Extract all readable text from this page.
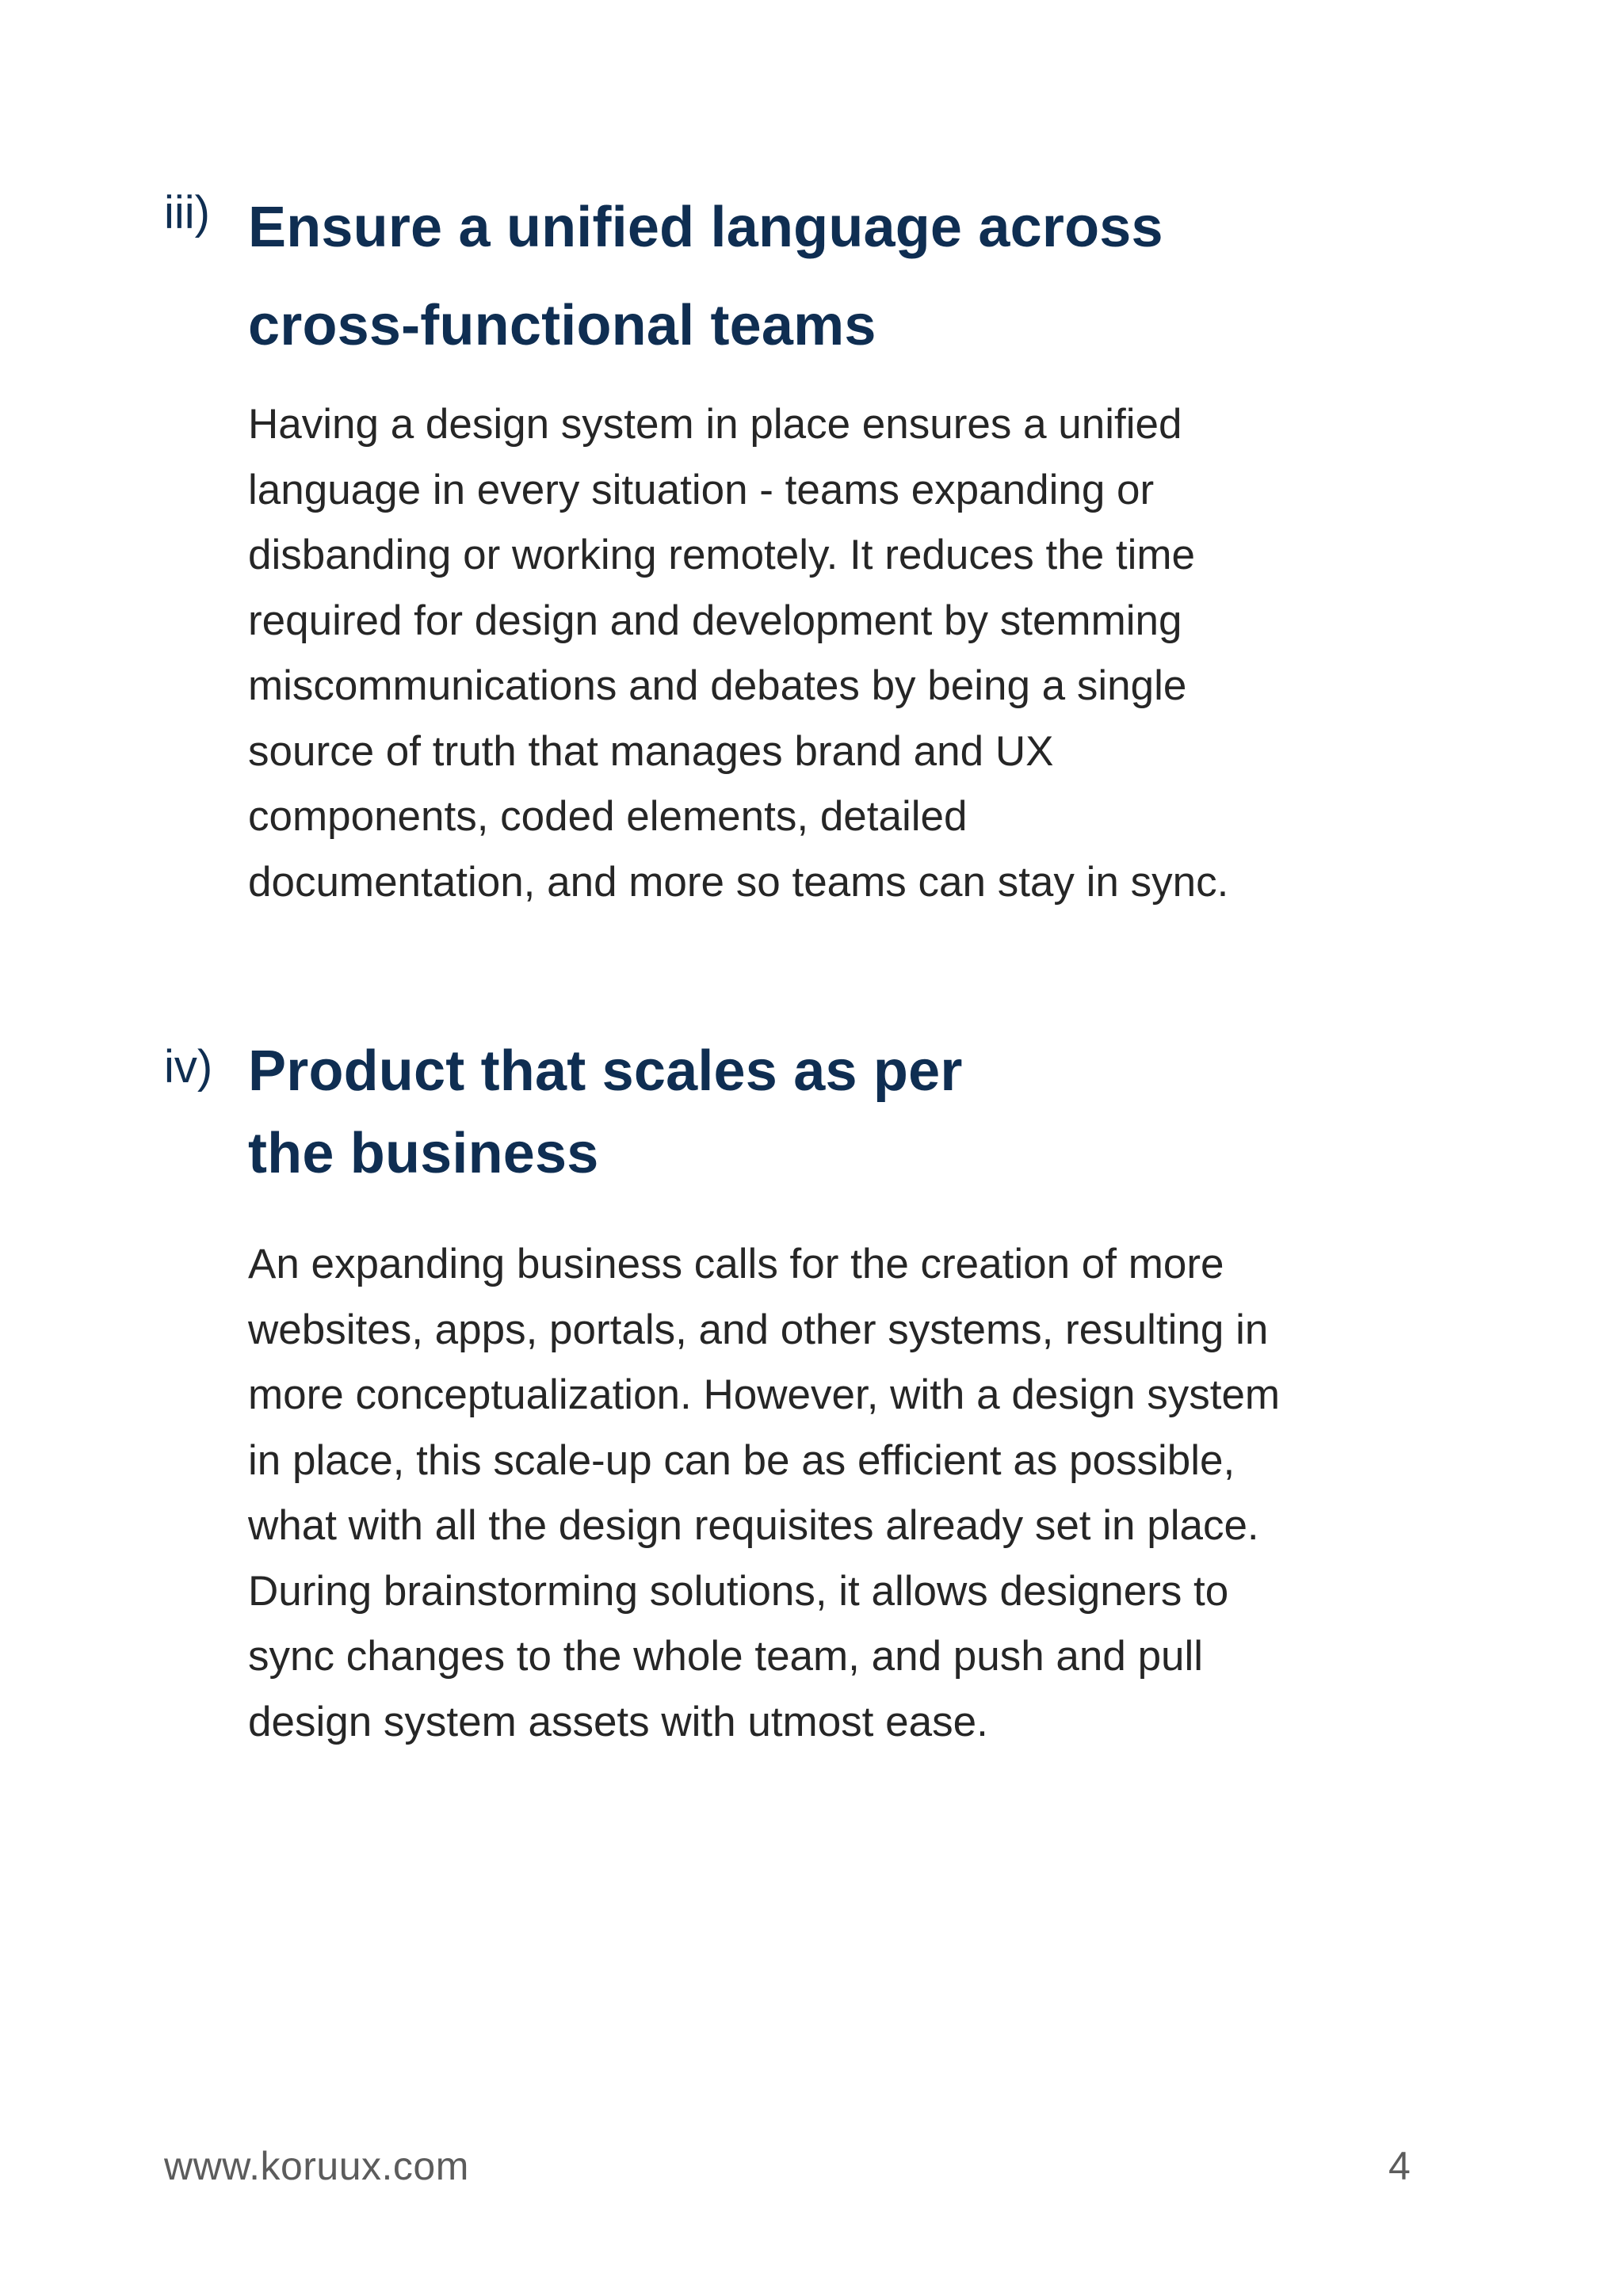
iii) Ensure a unified language across
cross-functional teams

Having a design system in place ensures a unified
language in every situation - teams expanding or
disbanding or working remotely. It reduces the time
required for design and development by stemming
miscommunications and debates by being a single
source of truth that manages brand and UX
components, coded elements, detailed
documentation, and more so teams can stay in sync.

iv) Product that scales as per
the business

An expanding business calls for the creation of more
websites, apps, portals, and other systems, resulting in
more conceptualization. However, with a design system
in place, this scale-up can be as efficient as possible,
what with all the design requisites already set in place.
During brainstorming solutions, it allows designers to
sync changes to the whole team, and push and pull
design system assets with utmost ease.

www.koruux.com	4
